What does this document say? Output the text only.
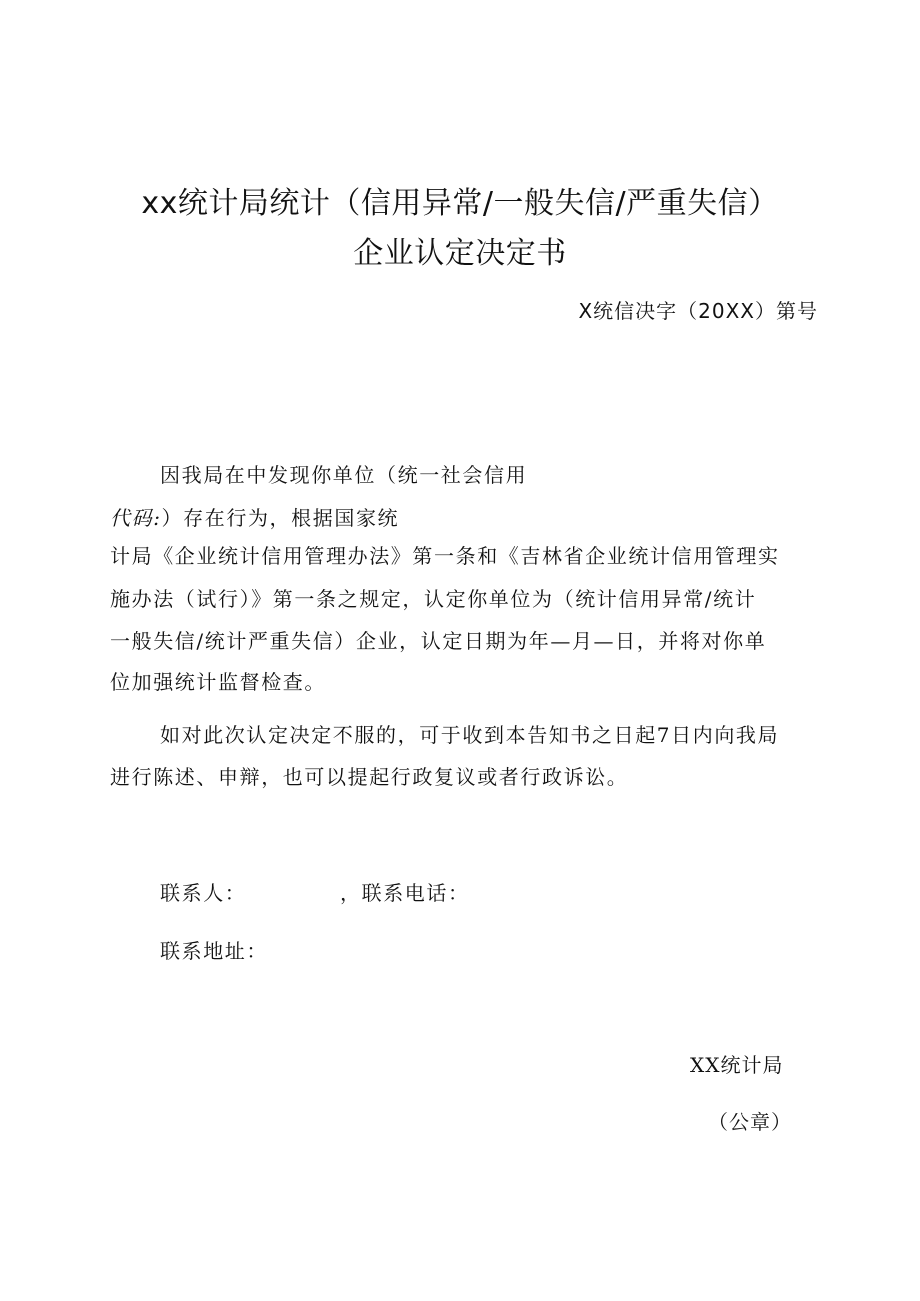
xx统计局统计（信用异常/一般失信/严重失信）
企业认定决定书
X统信决字（20XX）第号
因我局在中发现你单位（统一社会信用
代码:）存在行为，根据国家统
计局《企业统计信用管理办法》第一条和《吉林省企业统计信用管理实
施办法（试行）》第一条之规定，认定你单位为（统计信用异常/统计
一般失信/统计严重失信）企业，认定日期为年—月—日，并将对你单
位加强统计监督检查。
如对此次认定决定不服的，可于收到本告知书之日起7日内向我局
进行陈述、申辩，也可以提起行政复议或者行政诉讼。
联系人：	，联系电话：
联系地址：
XX统计局
（公章）
